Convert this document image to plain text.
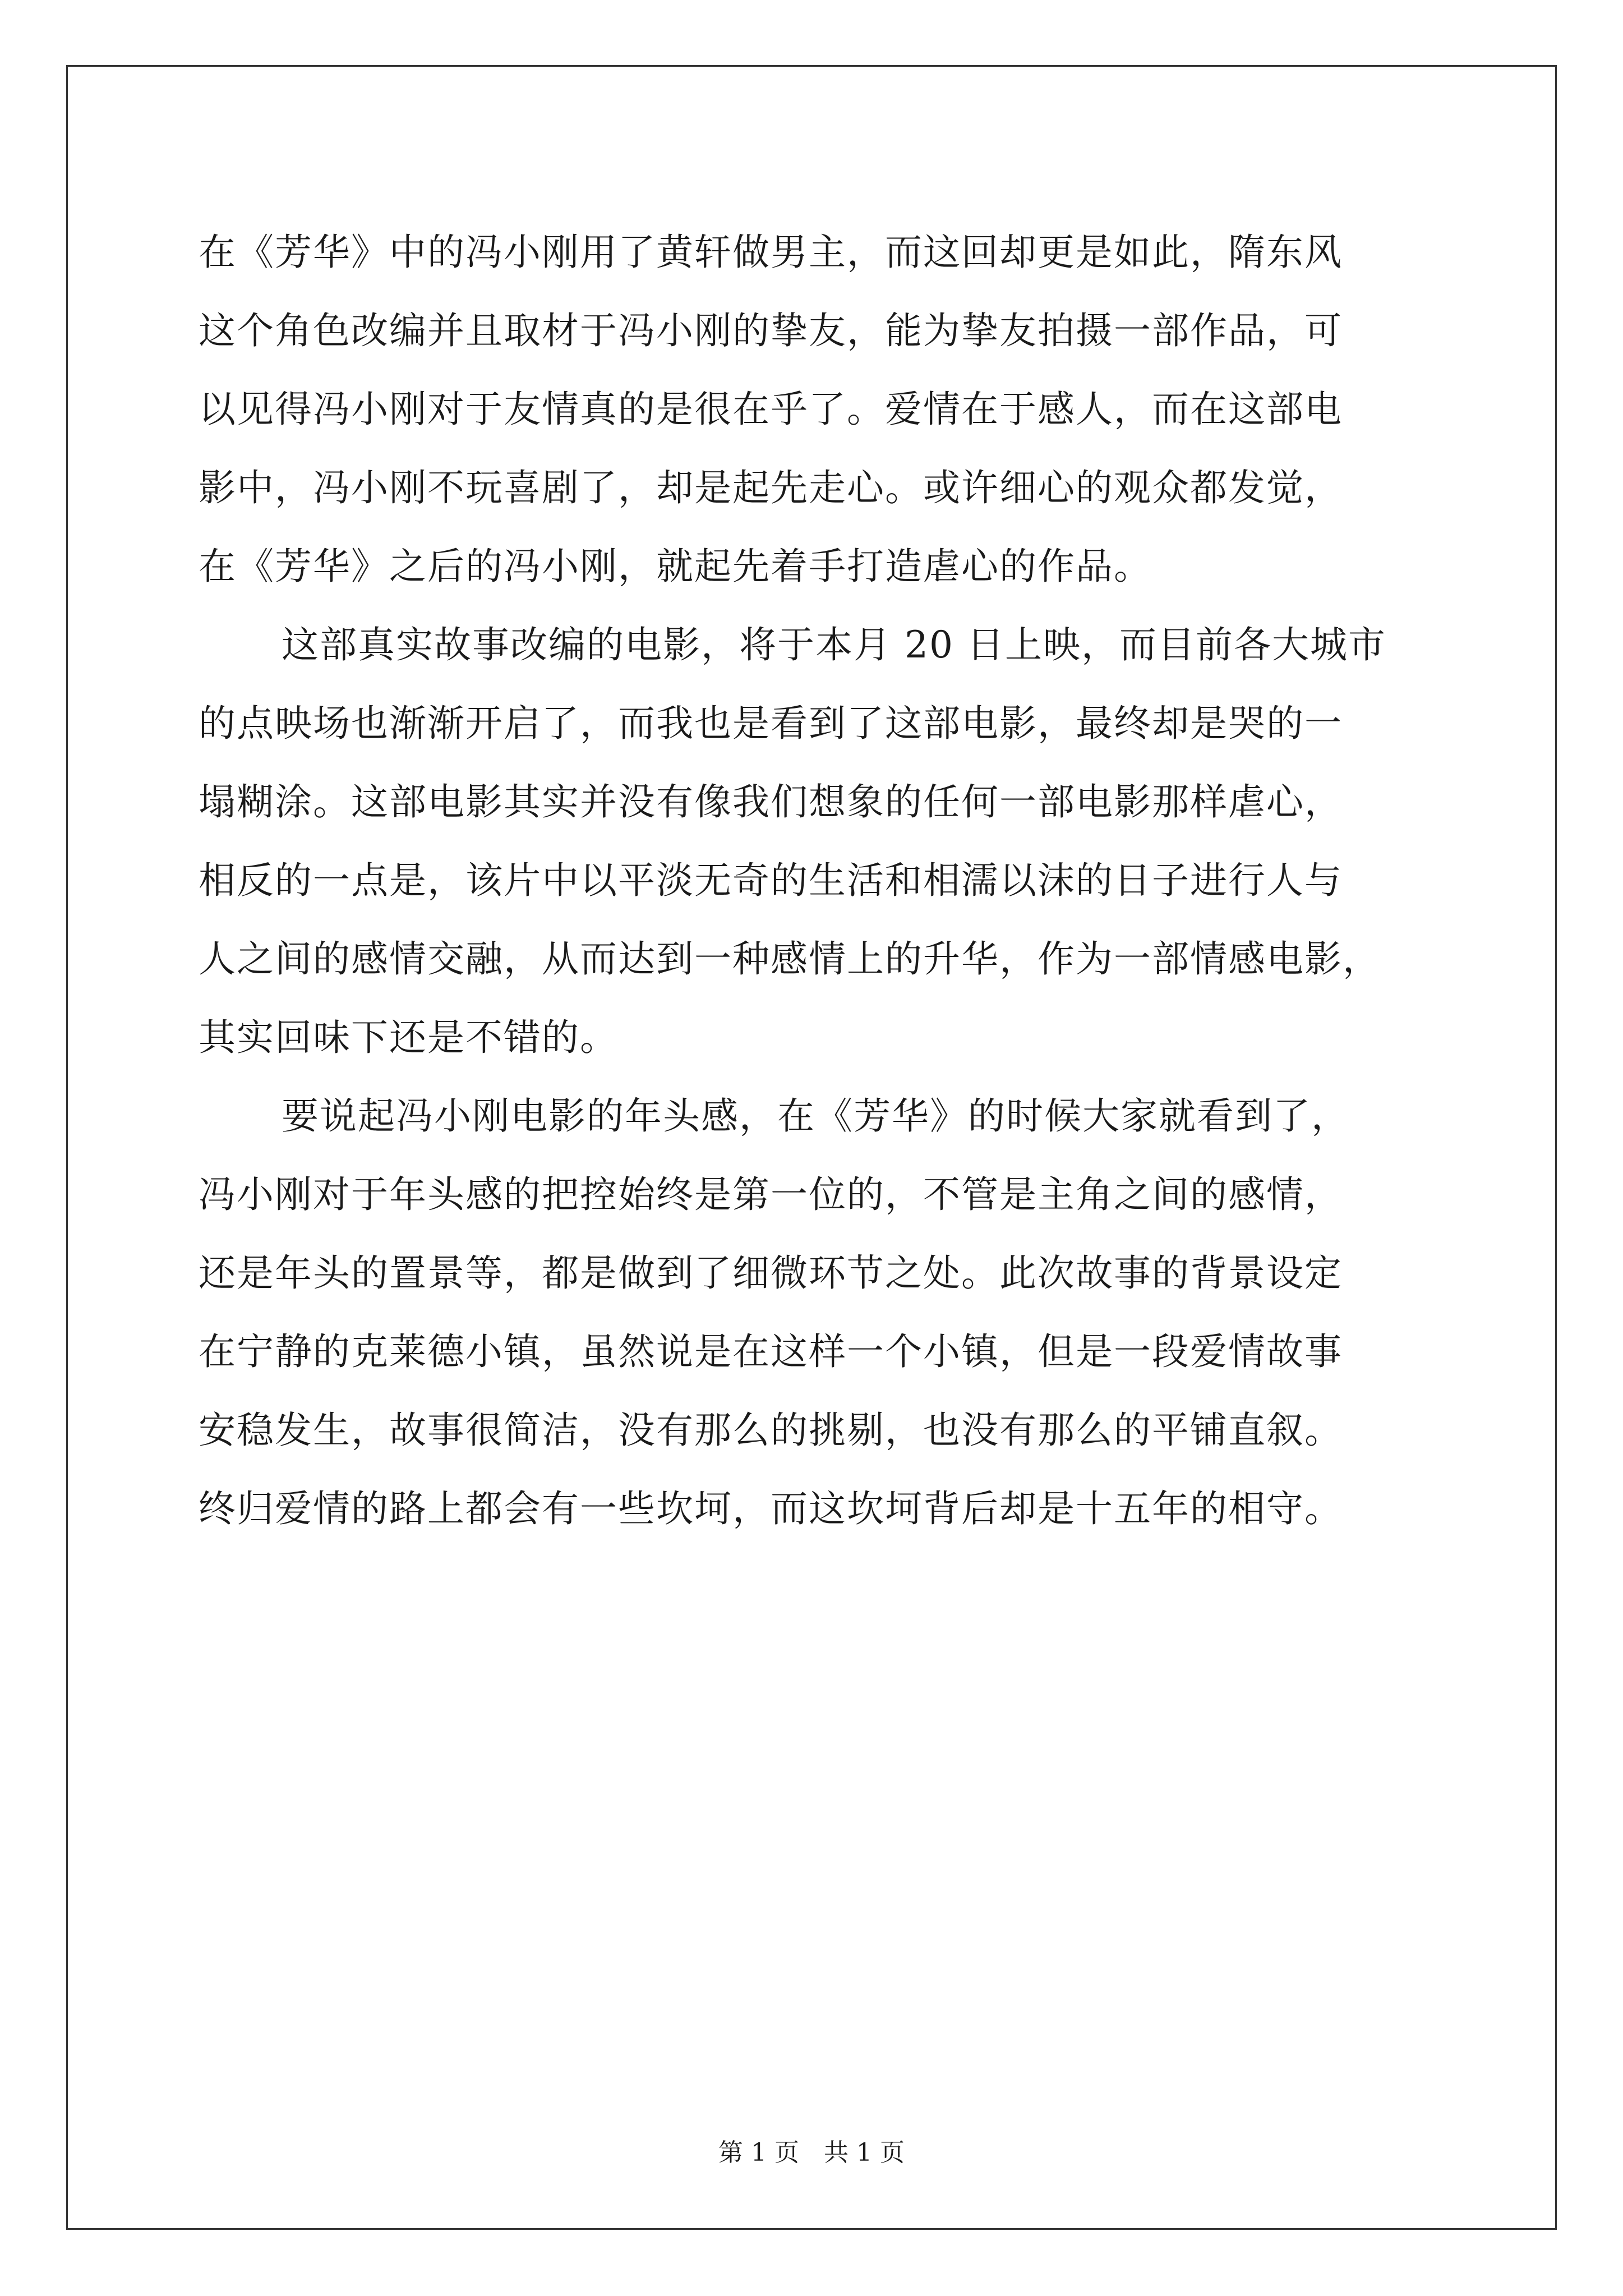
在《芳华》中的冯小刚用了黄轩做男主，而这回却更是如此，隋东风
这个角色改编并且取材于冯小刚的挚友，能为挚友拍摄一部作品，可
以见得冯小刚对于友情真的是很在乎了。爱情在于感人，而在这部电
影中，冯小刚不玩喜剧了，却是起先走心。或许细心的观众都发觉，
在《芳华》之后的冯小刚，就起先着手打造虐心的作品。
这部真实故事改编的电影，将于本月 20 日上映，而目前各大城市
的点映场也渐渐开启了，而我也是看到了这部电影，最终却是哭的一
塌糊涂。这部电影其实并没有像我们想象的任何一部电影那样虐心，
相反的一点是，该片中以平淡无奇的生活和相濡以沫的日子进行人与
人之间的感情交融，从而达到一种感情上的升华，作为一部情感电影，
其实回味下还是不错的。
要说起冯小刚电影的年头感，在《芳华》的时候大家就看到了，
冯小刚对于年头感的把控始终是第一位的，不管是主角之间的感情，
还是年头的置景等，都是做到了细微环节之处。此次故事的背景设定
在宁静的克莱德小镇，虽然说是在这样一个小镇，但是一段爱情故事
安稳发生，故事很简洁，没有那么的挑剔，也没有那么的平铺直叙。
终归爱情的路上都会有一些坎坷，而这坎坷背后却是十五年的相守。
第 1 页　共 1 页
